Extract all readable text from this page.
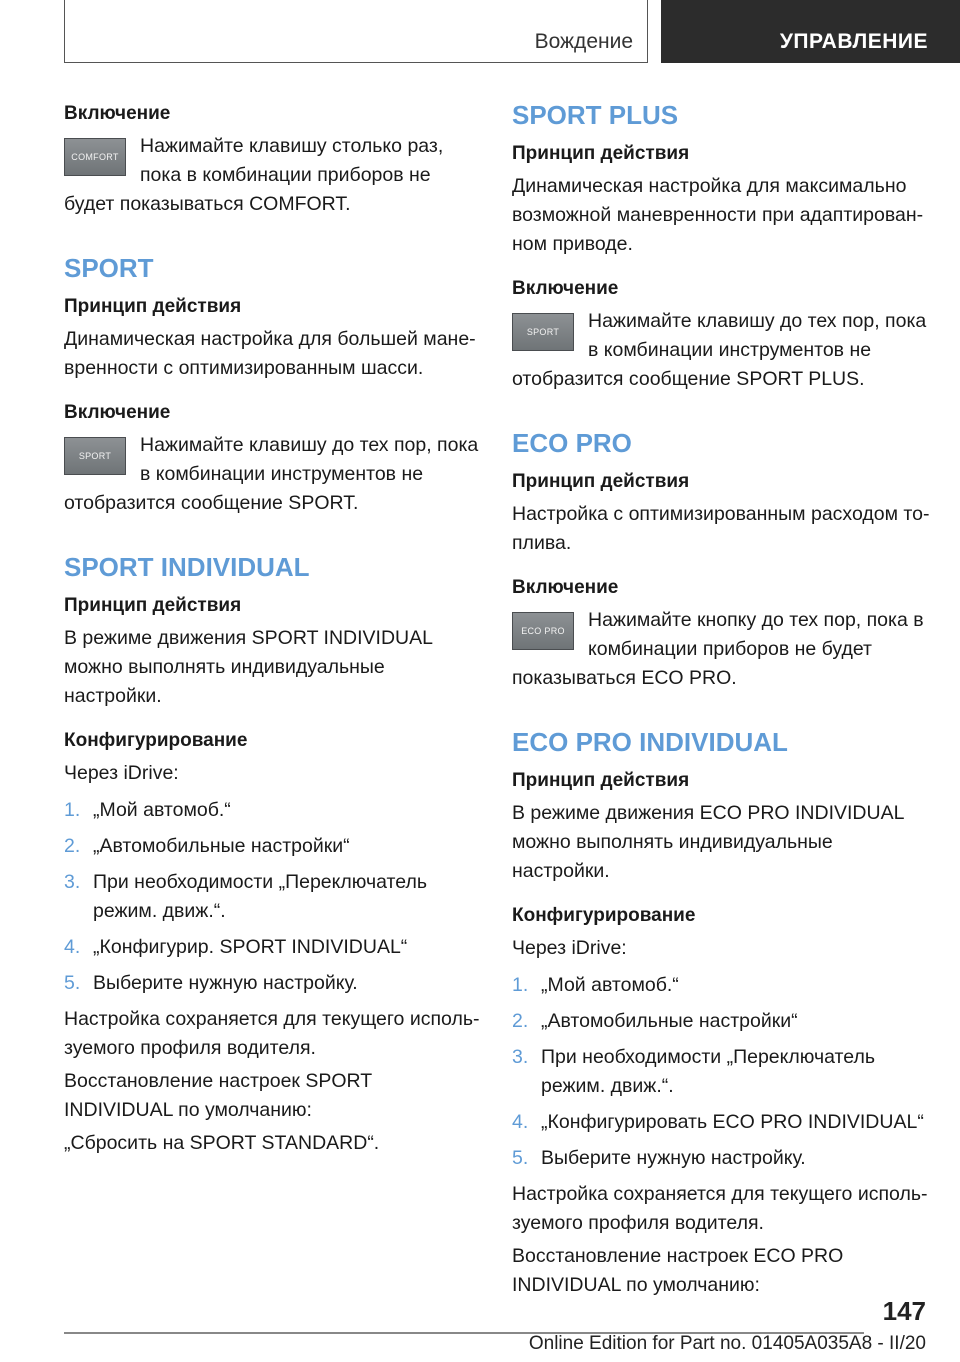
Вождение	УПРАВЛЕНИЕ
Включение
COMFORT	Нажимайте клавишу столько раз, пока в комбинации приборов не будет показываться COMFORT.

SPORT
Принцип действия

Динамическая настройка для большей маневренности с оптимизированным шасси.

Включение
SPORT	Нажимайте клавишу до тех пор, пока в комбинации инструментов не отобразится сообщение SPORT.

SPORT INDIVIDUAL
Принцип действия

В режиме движения SPORT INDIVIDUAL можно выполнять индивидуальные настройки.

Конфигурирование

Через iDrive:

1. „Мой автомоб.“
2. „Автомобильные настройки“
3. При необходимости „Переключатель режим. движ.“.
4. „Конфигурир. SPORT INDIVIDUAL“
5. Выберите нужную настройку.

Настройка сохраняется для текущего используемого профиля водителя.

Восстановление настроек SPORT INDIVIDUAL по умолчанию:

„Сбросить на SPORT STANDARD“.

SPORT PLUS
Принцип действия

Динамическая настройка для максимально возможной маневренности при адаптированном приводе.

Включение
SPORT	Нажимайте клавишу до тех пор, пока в комбинации инструментов не отобразится сообщение SPORT PLUS.

ECO PRO
Принцип действия

Настройка с оптимизированным расходом топлива.

Включение
ECO PRO	Нажимайте кнопку до тех пор, пока в комбинации приборов не будет показываться ECO PRO.

ECO PRO INDIVIDUAL
Принцип действия

В режиме движения ECO PRO INDIVIDUAL можно выполнять индивидуальные настройки.

Конфигурирование

Через iDrive:

1. „Мой автомоб.“
2. „Автомобильные настройки“
3. При необходимости „Переключатель режим. движ.“.
4. „Конфигурировать ECO PRO INDIVIDUAL“
5. Выберите нужную настройку.

Настройка сохраняется для текущего используемого профиля водителя.

Восстановление настроек ECO PRO INDIVIDUAL по умолчанию:

147
Online Edition for Part no. 01405A035A8 - II/20
